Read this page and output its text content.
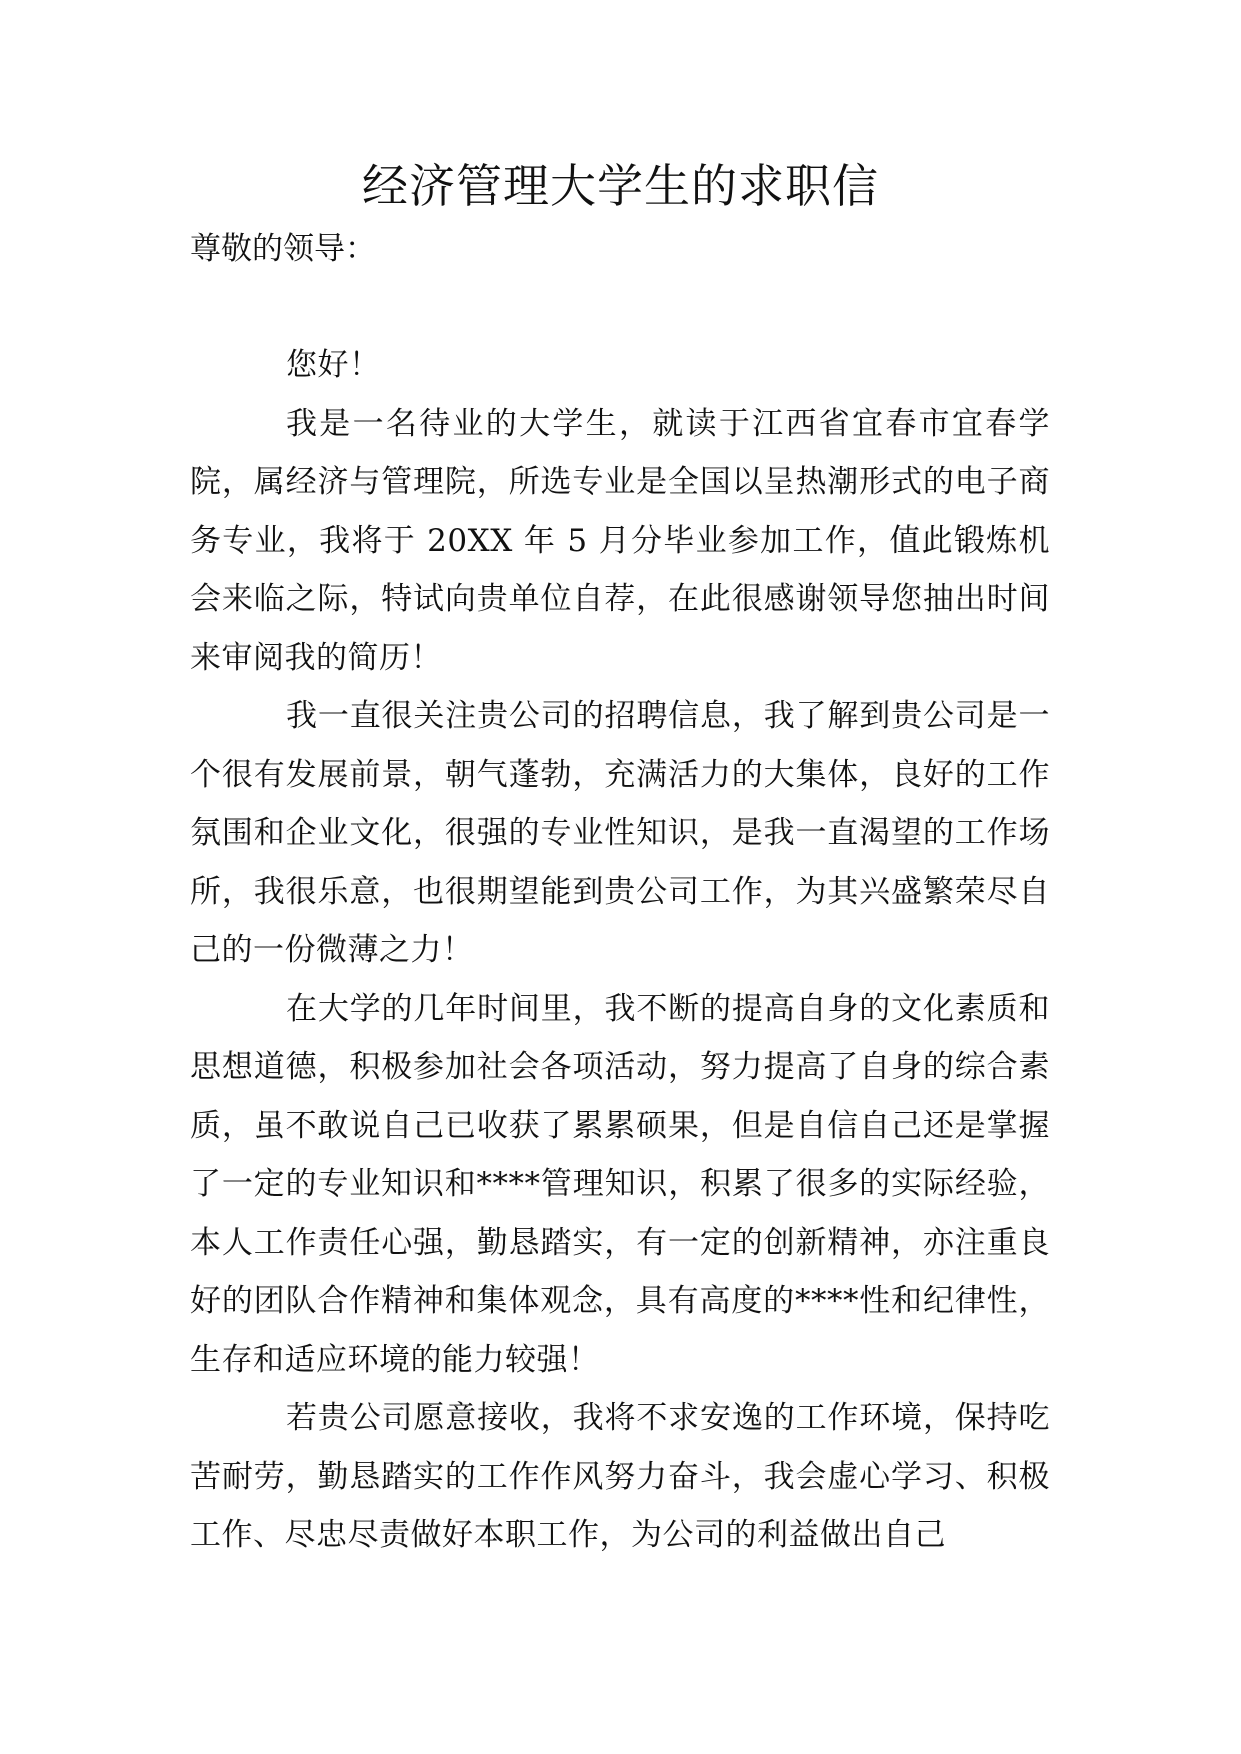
经济管理大学生的求职信

尊敬的领导：

您好！

我是一名待业的大学生，就读于江西省宜春市宜春学院，属经济与管理院，所选专业是全国以呈热潮形式的电子商务专业，我将于 20XX 年 5 月分毕业参加工作，值此锻炼机会来临之际，特试向贵单位自荐，在此很感谢领导您抽出时间来审阅我的简历！

我一直很关注贵公司的招聘信息，我了解到贵公司是一个很有发展前景，朝气蓬勃，充满活力的大集体，良好的工作氛围和企业文化，很强的专业性知识，是我一直渴望的工作场所，我很乐意，也很期望能到贵公司工作，为其兴盛繁荣尽自己的一份微薄之力！

在大学的几年时间里，我不断的提高自身的文化素质和思想道德，积极参加社会各项活动，努力提高了自身的综合素质，虽不敢说自己已收获了累累硕果，但是自信自己还是掌握了一定的专业知识和****管理知识，积累了很多的实际经验，本人工作责任心强，勤恳踏实，有一定的创新精神，亦注重良好的团队合作精神和集体观念，具有高度的****性和纪律性，生存和适应环境的能力较强！

若贵公司愿意接收，我将不求安逸的工作环境，保持吃苦耐劳，勤恳踏实的工作作风努力奋斗，我会虚心学习、积极工作、尽忠尽责做好本职工作，为公司的利益做出自己
